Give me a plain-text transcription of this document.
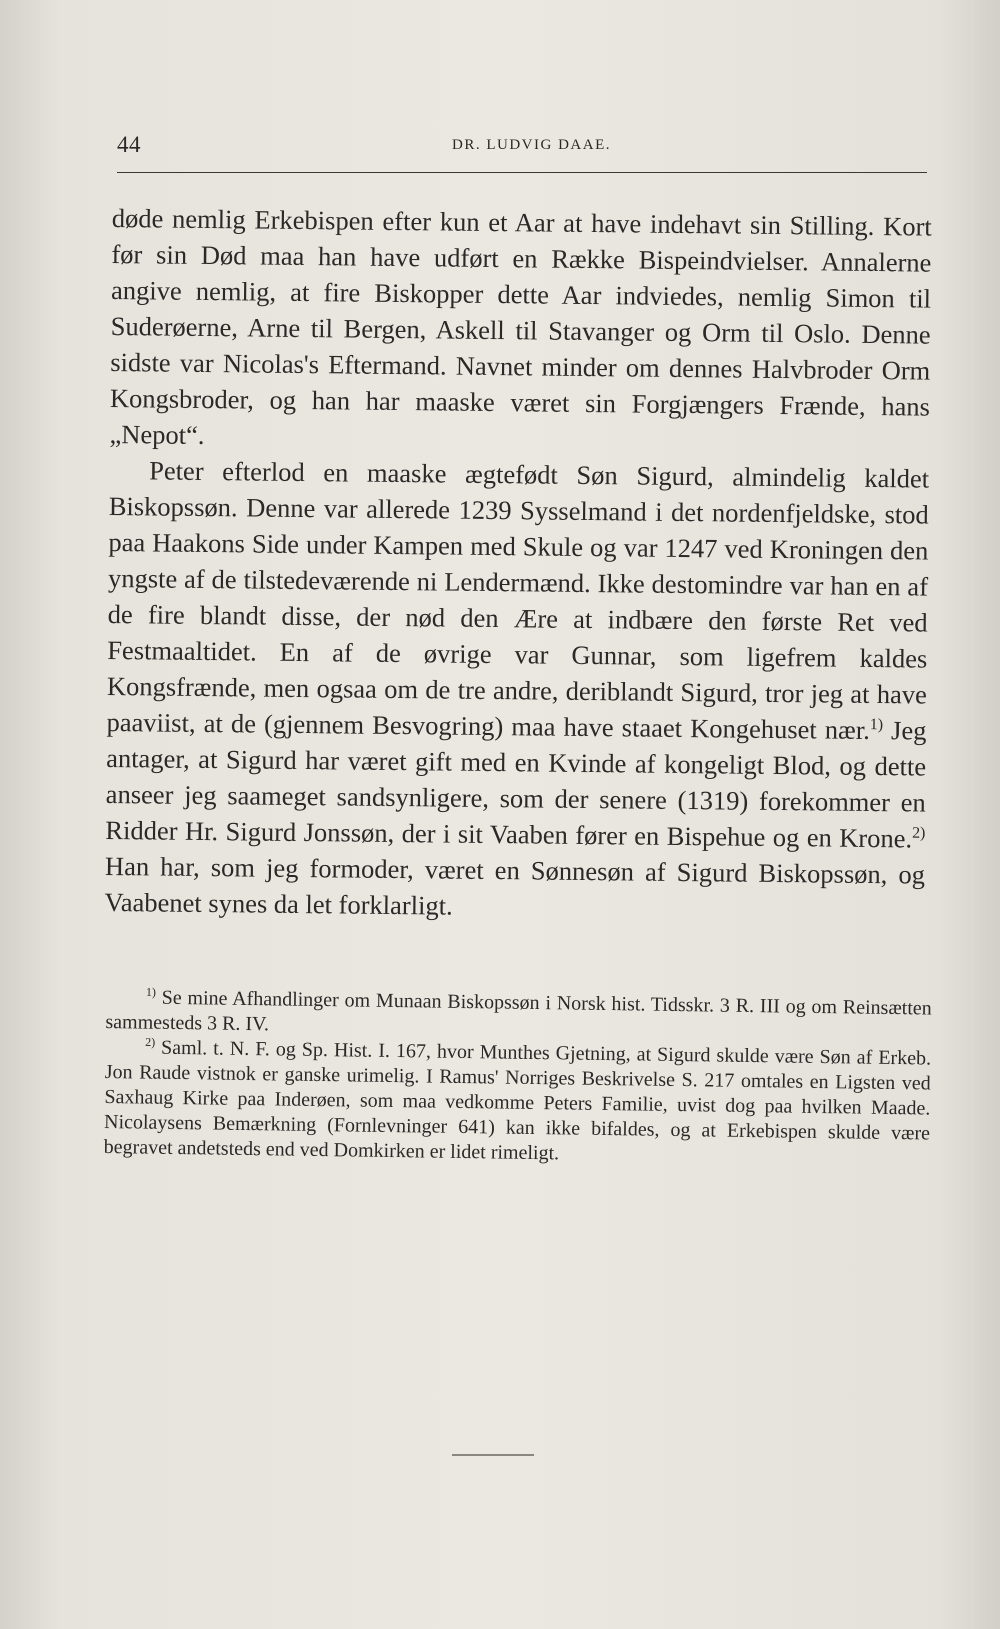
44	DR. LUDVIG DAAE.

døde nemlig Erkebispen efter kun et Aar at have indehavt sin Stilling. Kort før sin Død maa han have udført en Række Bispeindvielser. Annalerne angive nemlig, at fire Biskopper dette Aar indviedes, nemlig Simon til Suderøerne, Arne til Bergen, Askell til Stavanger og Orm til Oslo. Denne sidste var Nicolas's Eftermand. Navnet minder om dennes Halvbroder Orm Kongsbroder, og han har maaske været sin Forgjængers Frænde, hans „Nepot“.

Peter efterlod en maaske ægtefødt Søn Sigurd, almindelig kaldet Biskopssøn. Denne var allerede 1239 Sysselmand i det nordenfjeldske, stod paa Haakons Side under Kampen med Skule og var 1247 ved Kroningen den yngste af de tilstedeværende ni Lendermænd. Ikke destomindre var han en af de fire blandt disse, der nød den Ære at indbære den første Ret ved Festmaaltidet. En af de øvrige var Gunnar, som ligefrem kaldes Kongsfrænde, men ogsaa om de tre andre, deriblandt Sigurd, tror jeg at have paaviist, at de (gjennem Besvogring) maa have staaet Kongehuset nær.$^{1)}$ Jeg antager, at Sigurd har været gift med en Kvinde af kongeligt Blod, og dette anseer jeg saameget sandsynligere, som der senere (1319) forekommer en Ridder Hr. Sigurd Jonssøn, der i sit Vaaben fører en Bispehue og en Krone.$^{2)}$ Han har, som jeg formoder, været en Sønnesøn af Sigurd Biskopssøn, og Vaabenet synes da let forklarligt.

$^{1)}$ Se mine Afhandlinger om Munaan Biskopssøn i Norsk hist. Tidsskr. 3 R. III og om Reinsætten sammesteds 3 R. IV.

$^{2)}$ Saml. t. N. F. og Sp. Hist. I. 167, hvor Munthes Gjetning, at Sigurd skulde være Søn af Erkeb. Jon Raude vistnok er ganske urimelig. I Ramus' Norriges Beskrivelse S. 217 omtales en Ligsten ved Saxhaug Kirke paa Inderøen, som maa vedkomme Peters Familie, uvist dog paa hvilken Maade. Nicolaysens Bemærkning (Fornlevninger 641) kan ikke bifaldes, og at Erkebispen skulde være begravet andetsteds end ved Domkirken er lidet rimeligt.
